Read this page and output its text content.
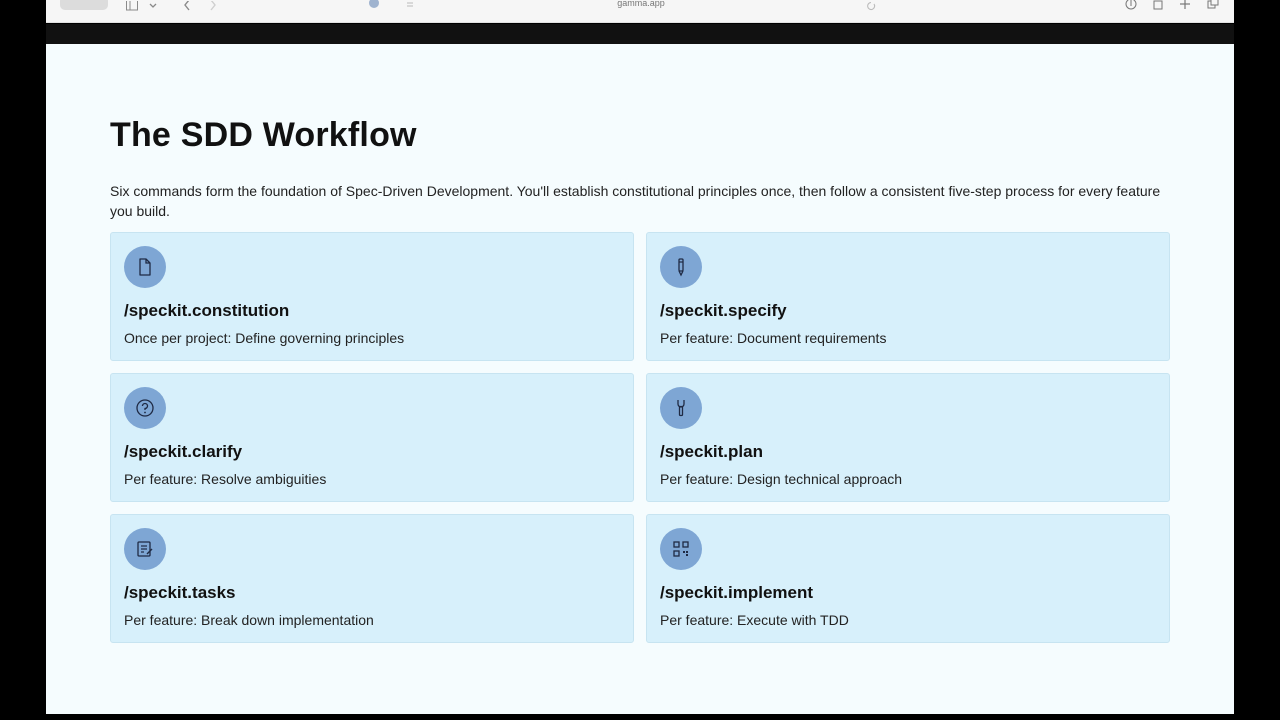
gamma.app
The SDD Workflow

Six commands form the foundation of Spec-Driven Development. You'll establish constitutional principles once, then follow a consistent five-step process for every feature you build.

/speckit.constitution
Once per project: Define governing principles
/speckit.specify
Per feature: Document requirements
/speckit.clarify
Per feature: Resolve ambiguities
/speckit.plan
Per feature: Design technical approach
/speckit.tasks
Per feature: Break down implementation
/speckit.implement
Per feature: Execute with TDD
